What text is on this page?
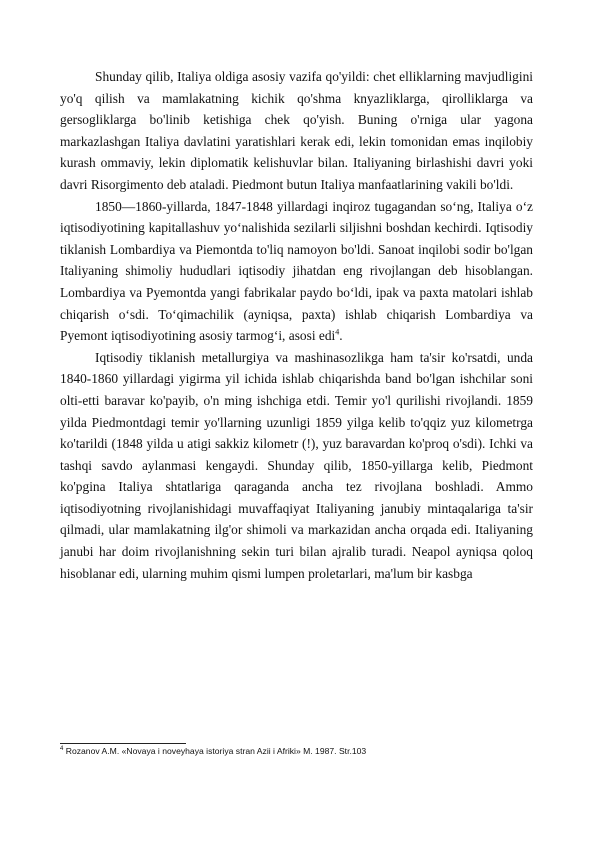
Shunday qilib, Italiya oldiga asosiy vazifa qo'yildi: chet elliklarning mavjudligini yo'q qilish va mamlakatning kichik qo'shma knyazliklarga, qirolliklarga va gersogliklarga bo'linib ketishiga chek qo'yish. Buning o'rniga ular yagona markazlashgan Italiya davlatini yaratishlari kerak edi, lekin tomonidan emas inqilobiy kurash ommaviy, lekin diplomatik kelishuvlar bilan. Italiyaning birlashishi davri yoki davri Risorgimento deb ataladi. Piedmont butun Italiya manfaatlarining vakili bo'ldi.

1850—1860-yillarda, 1847-1848 yillardagi inqiroz tugagandan so‘ng, Italiya o‘z iqtisodiyotining kapitallashuv yo‘nalishida sezilarli siljishni boshdan kechirdi. Iqtisodiy tiklanish Lombardiya va Piemontda to'liq namoyon bo'ldi. Sanoat inqilobi sodir bo'lgan Italiyaning shimoliy hududlari iqtisodiy jihatdan eng rivojlangan deb hisoblangan. Lombardiya va Pyemontda yangi fabrikalar paydo bo‘ldi, ipak va paxta matolari ishlab chiqarish o‘sdi. To‘qimachilik (ayniqsa, paxta) ishlab chiqarish Lombardiya va Pyemont iqtisodiyotining asosiy tarmog‘i, asosi edi$^4$.

Iqtisodiy tiklanish metallurgiya va mashinasozlikga ham ta'sir ko'rsatdi, unda 1840-1860 yillardagi yigirma yil ichida ishlab chiqarishda band bo'lgan ishchilar soni olti-etti baravar ko'payib, o'n ming ishchiga etdi. Temir yo'l qurilishi rivojlandi. 1859 yilda Piedmontdagi temir yo'llarning uzunligi 1859 yilga kelib to'qqiz yuz kilometrga ko'tarildi (1848 yilda u atigi sakkiz kilometr (!), yuz baravardan ko'proq o'sdi). Ichki va tashqi savdo aylanmasi kengaydi. Shunday qilib, 1850-yillarga kelib, Piedmont ko'pgina Italiya shtatlariga qaraganda ancha tez rivojlana boshladi. Ammo iqtisodiyotning rivojlanishidagi muvaffaqiyat Italiyaning janubiy mintaqalariga ta'sir qilmadi, ular mamlakatning ilg'or shimoli va markazidan ancha orqada edi. Italiyaning janubi har doim rivojlanishning sekin turi bilan ajralib turadi. Neapol ayniqsa qoloq hisoblanar edi, ularning muhim qismi lumpen proletarlari, ma'lum bir kasbga

$^4$ Rozanov A.M. «Novaya i noveyhaya istoriya stran Azii i Afriki» M. 1987. Str.103
